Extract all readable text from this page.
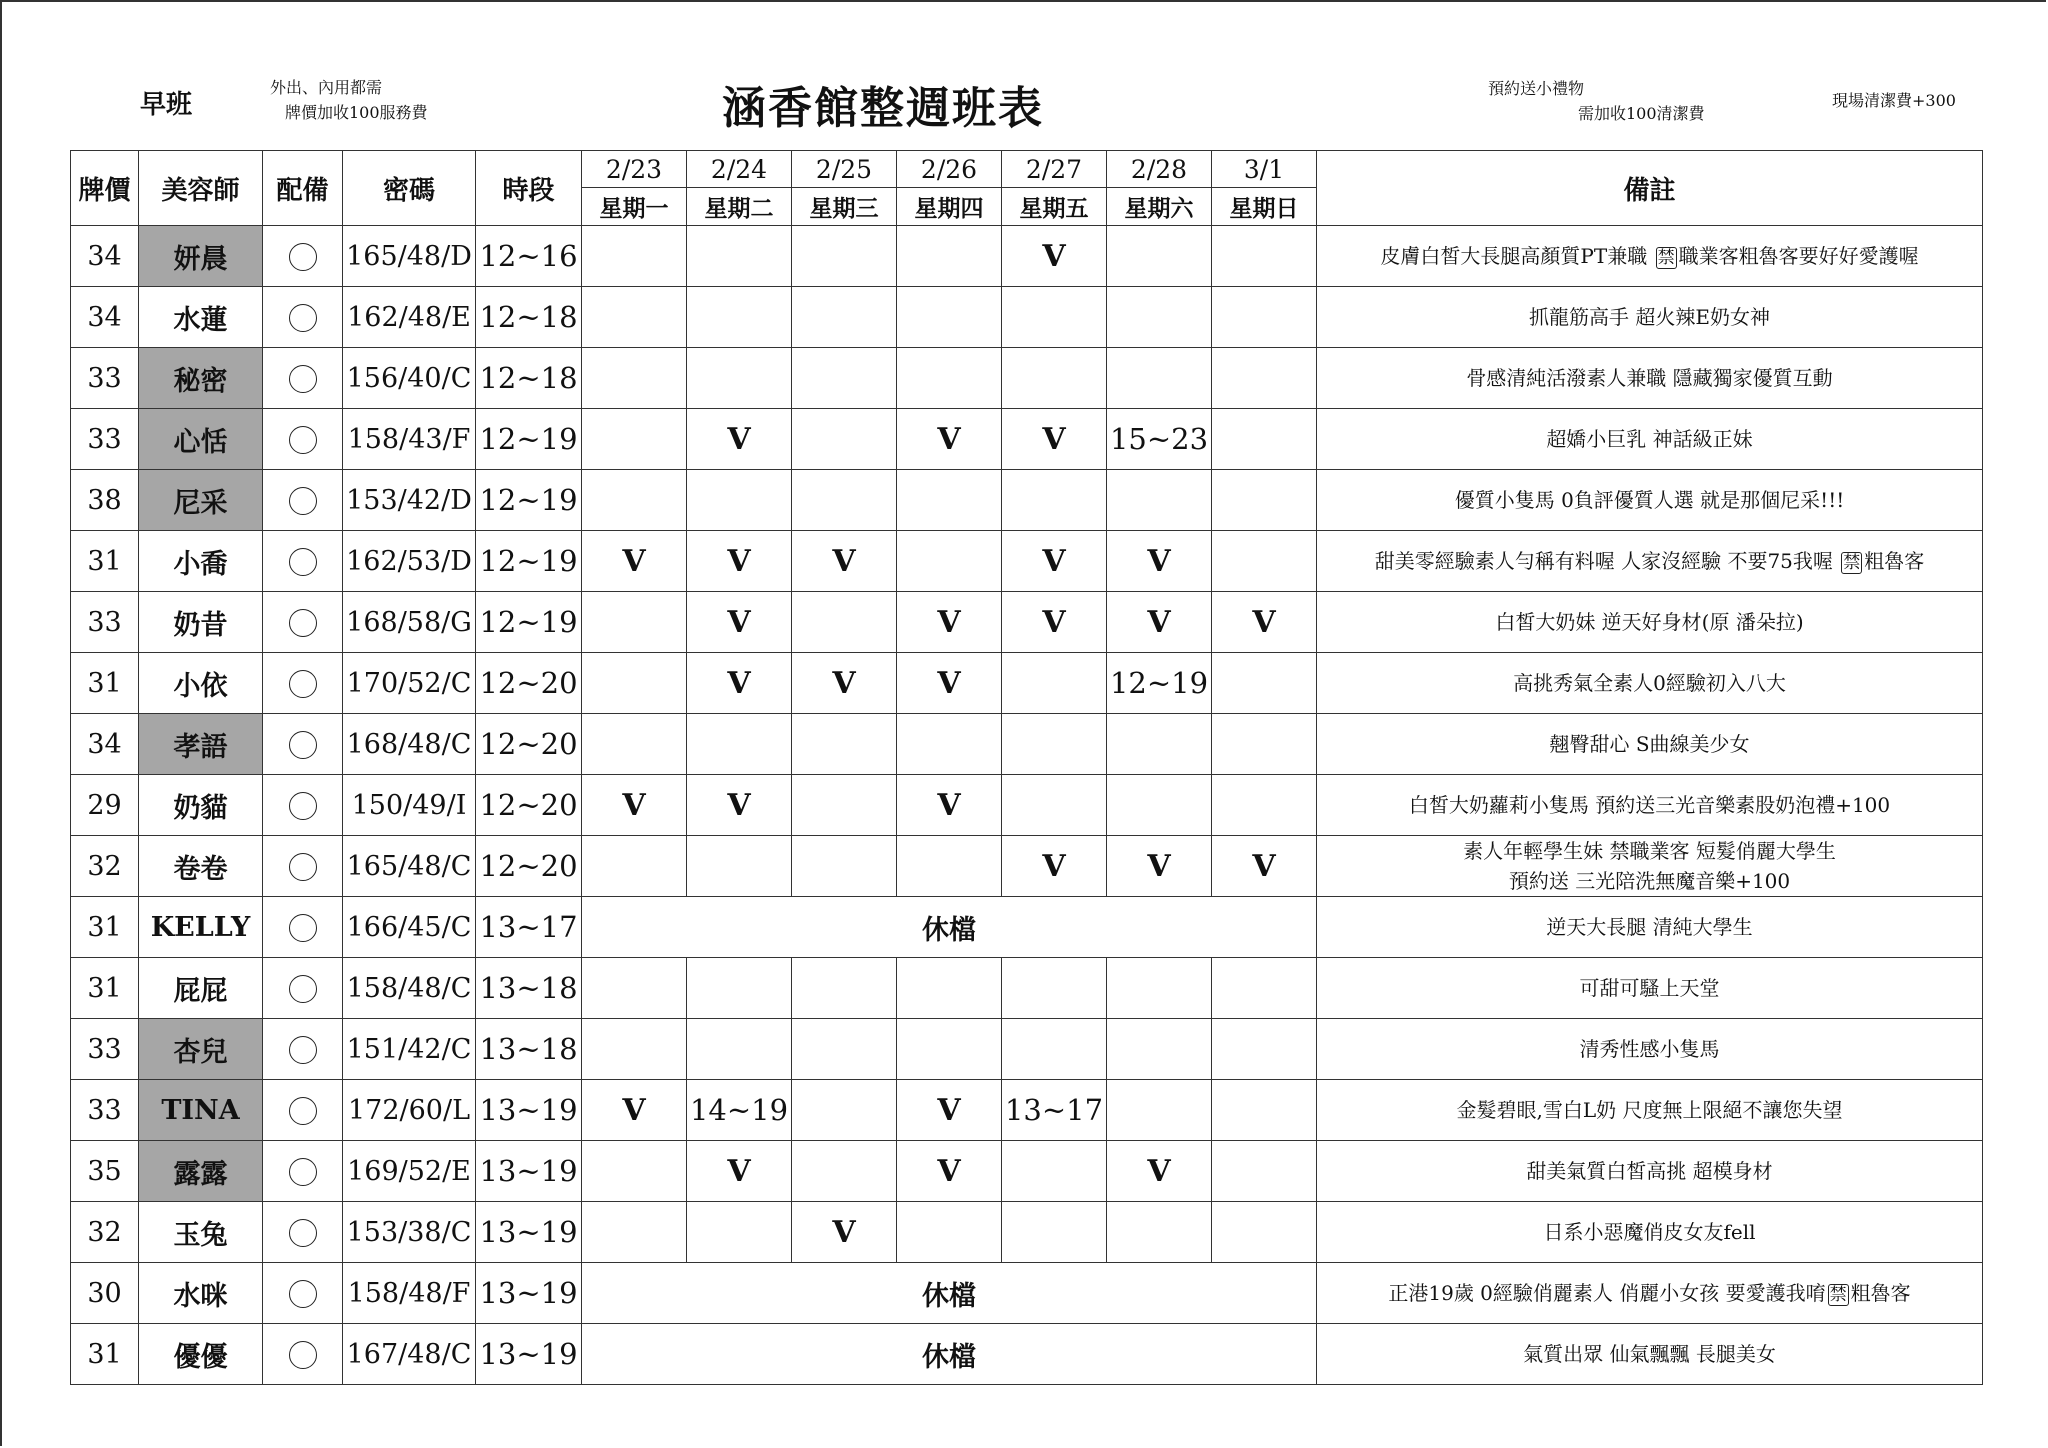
早班
外出、內用都需
牌價加收100服務費	涵香館整週班表	預約送小禮物
需加收100清潔費
現場清潔費+300
牌價	美容師	配備	密碼	時段	2/23	2/24	2/25	2/26	2/27	2/28	3/1	備註
					星期一	星期二	星期三	星期四	星期五	星期六	星期日	
34	妍晨		165/48/D	12~16					V			皮膚白皙大長腿高顏質PT兼職 禁 職業客粗魯客要好好愛護喔

34	水蓮		162/48/E	12~18								抓龍筋高手 超火辣E奶女神

33	秘密		156/40/C	12~18								骨感清純活潑素人兼職 隱藏獨家優質互動

33	心恬		158/43/F	12~19		V		V	V	15~23		超嬌小巨乳 神話級正妹

38	尼采		153/42/D	12~19								優質小隻馬 0負評優質人選 就是那個尼采!!!

31	小喬		162/53/D	12~19	V	V	V		V	V		甜美零經驗素人勻稱有料喔 人家沒經驗 不要75我喔 禁 粗魯客

33	奶昔		168/58/G	12~19		V		V	V	V	V	白皙大奶妹 逆天好身材(原 潘朵拉)

31	小依		170/52/C	12~20		V	V	V		12~19		高挑秀氣全素人0經驗初入八大

34	孝語		168/48/C	12~20								翹臀甜心 S曲線美少女

29	奶貓		150/49/I	12~20	V	V		V				白皙大奶蘿莉小隻馬 預約送三光音樂素股奶泡禮+100

32	卷卷		165/48/C	12~20					V	V	V	素人年輕學生妹 禁職業客 短髮俏麗大學生
預約送 三光陪洗無魔音樂+100

31	KELLY		166/45/C	13~17	休檔							逆天大長腿 清純大學生

31	屁屁		158/48/C	13~18								可甜可騷上天堂

33	杏兒		151/42/C	13~18								清秀性感小隻馬

33	TINA		172/60/L	13~19	V	14~19		V	13~17			金髮碧眼,雪白L奶 尺度無上限絕不讓您失望

35	露露		169/52/E	13~19		V		V		V		甜美氣質白皙高挑 超模身材

32	玉兔		153/38/C	13~19			V					日系小惡魔俏皮女友fell

30	水咪		158/48/F	13~19	休檔							正港19歲 0經驗俏麗素人 俏麗小女孩 要愛護我唷 禁 粗魯客

31	優優		167/48/C	13~19	休檔							氣質出眾 仙氣飄飄 長腿美女
